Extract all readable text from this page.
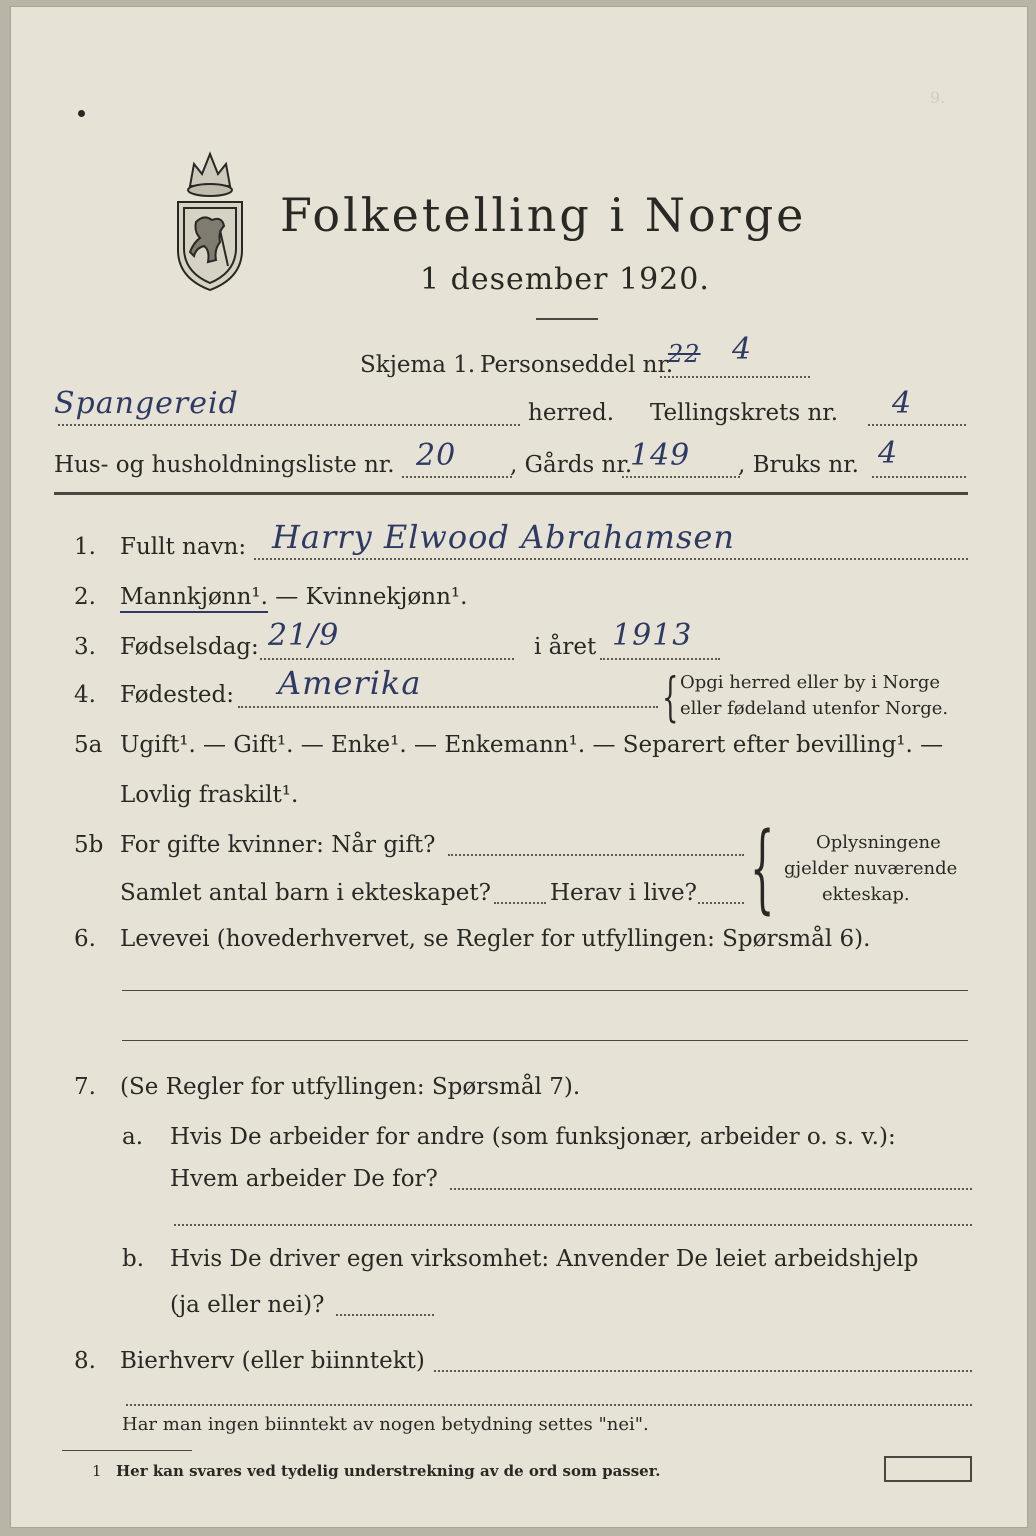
9.
Folketelling i Norge
1 desember 1920.
Skjema 1. Personseddel nr.
22 4
Spangereid	herred. Tellingskrets nr. 4
Hus- og husholdningsliste nr. 20 , Gårds nr.
149 , Bruks nr. 4
1. Fullt navn: Harry Elwood Abrahamsen
2. Mannkjønn¹. — Kvinnekjønn¹.
3. Fødselsdag: 21/9	i året 1913
4. Fødested: Amerika	{ Opgi herred eller by i Norge
eller fødeland utenfor Norge.
5a Ugift¹. — Gift¹. — Enke¹. — Enkemann¹. — Separert efter bevilling¹. —
Lovlig fraskilt¹.
5b For gifte kvinner: Når gift?
Samlet antal barn i ekteskapet?	Herav i live? { Oplysningene
gjelder nuværende
ekteskap.
6. Levevei (hovederhvervet, se Regler for utfyllingen: Spørsmål 6).
7. (Se Regler for utfyllingen: Spørsmål 7).
a. Hvis De arbeider for andre (som funksjonær, arbeider o. s. v.):
Hvem arbeider De for?
b. Hvis De driver egen virksomhet: Anvender De leiet arbeidshjelp
(ja eller nei)?
8. Bierhverv (eller biinntekt)
Har man ingen biinntekt av nogen betydning settes "nei".
1 Her kan svares ved tydelig understrekning av de ord som passer.
